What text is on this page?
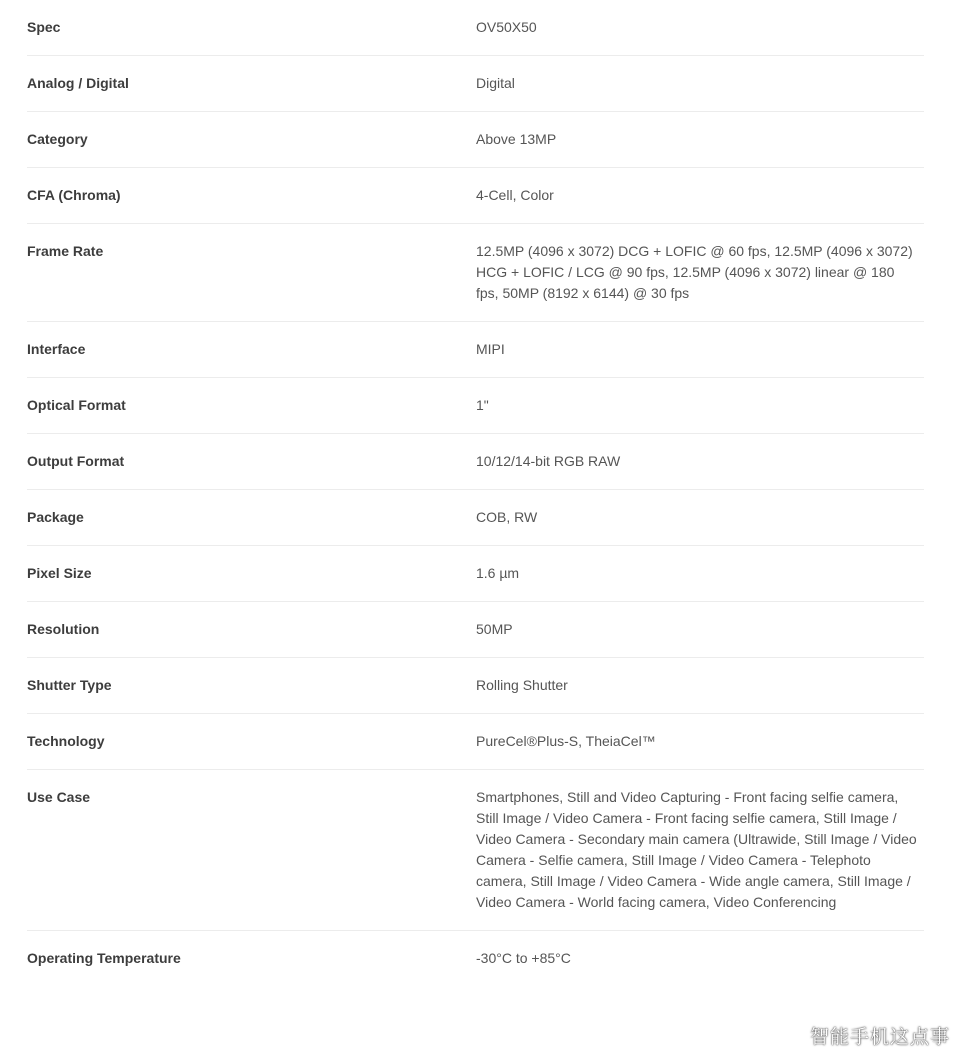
Spec	OV50X50
Analog / Digital	Digital
Category	Above 13MP
CFA (Chroma)	4-Cell, Color
Frame Rate	12.5MP (4096 x 3072) DCG + LOFIC @ 60 fps, 12.5MP (4096 x 3072) HCG + LOFIC / LCG @ 90 fps, 12.5MP (4096 x 3072) linear @ 180 fps, 50MP (8192 x 6144) @ 30 fps
Interface	MIPI
Optical Format	1"
Output Format	10/12/14-bit RGB RAW
Package	COB, RW
Pixel Size	1.6 µm
Resolution	50MP
Shutter Type	Rolling Shutter
Technology	PureCel®Plus‑S, TheiaCel™
Use Case	Smartphones, Still and Video Capturing - Front facing selfie camera, Still Image / Video Camera - Front facing selfie camera, Still Image / Video Camera - Secondary main camera (Ultrawide, Still Image / Video Camera - Selfie camera, Still Image / Video Camera - Telephoto camera, Still Image / Video Camera - Wide angle camera, Still Image / Video Camera - World facing camera, Video Conferencing
Operating Temperature	-30°C to +85°C
智能手机这点事
